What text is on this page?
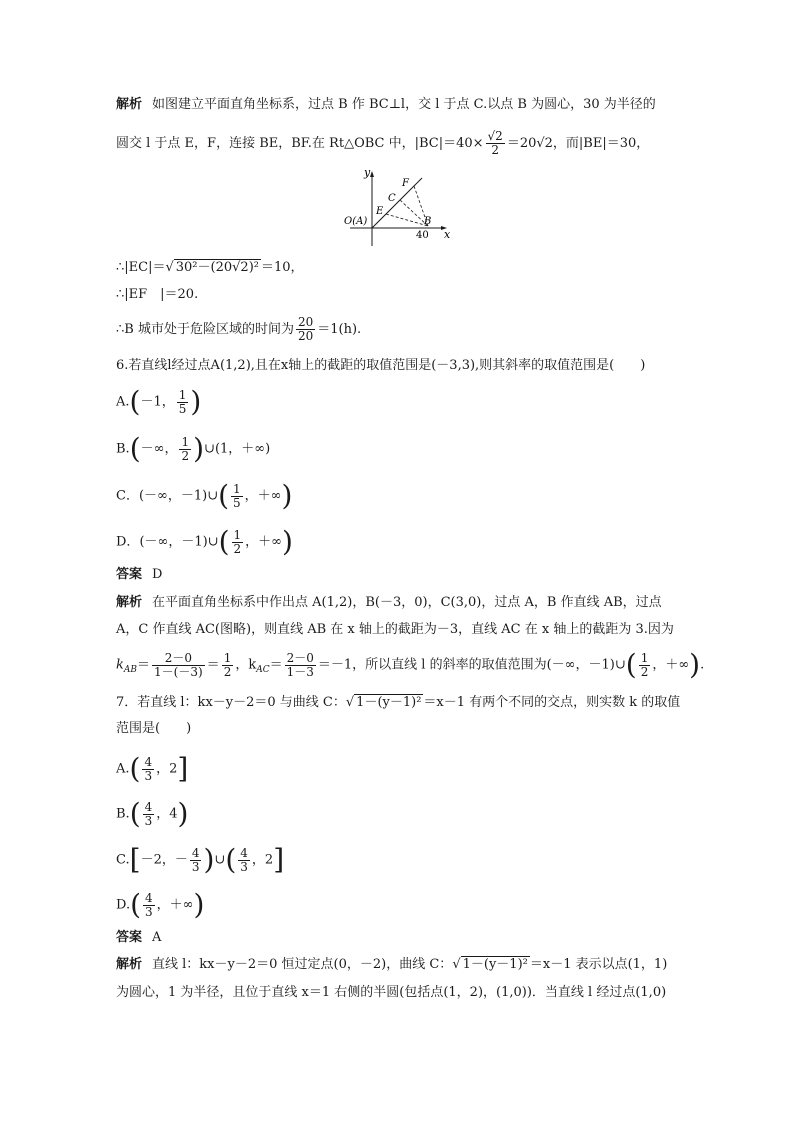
解析 如图建立平面直角坐标系，过点 B 作 BC⊥l，交 l 于点 C.以点 B 为圆心，30 为半径的
圆交 l 于点 E，F，连接 BE，BF.在 Rt△OBC 中，$|BC|=40\times \frac{√2}{2} =20√2$，而|BE|＝30，
y
x
O(A)
E
C
F
B
40
∴|EC|＝√ 30²－(20√2)² ＝10，
∴|EF　|＝20.
∴B 城市处于危险区域的时间为 $\frac{20}{20} =1(h)$.
6.若直线l经过点A(1,2),且在x轴上的截距的取值范围是(－3,3),则其斜率的取值范围是(　　)
A.(－1， $\frac{1}{5}$ )
B.(－∞， $\frac{1}{2}$ )∪(1，＋∞)
C．(－∞，－1)∪( $\frac{1}{5}$ ，＋∞)
D．(－∞，－1)∪( $\frac{1}{2}$ ，＋∞)
答案 D
解析 在平面直角坐标系中作出点 A(1,2)，B(－3，0)，C(3,0)，过点 A，B 作直线 AB，过点
A，C 作直线 AC(图略)，则直线 AB 在 x 轴上的截距为－3，直线 AC 在 x 轴上的截距为 3.因为
$k_{AB}= \frac{2-0}{1-(-3)} = \frac{1}{2}$ ，$k_{AC}= \frac{2-0}{1-3} =-1$，所以直线 l 的斜率的取值范围为(－∞，－1)∪( $\frac{1}{2}$ ，＋∞).
7．若直线 l：kx－y－2＝0 与曲线 C：√ 1－(y－1)² ＝x－1 有两个不同的交点，则实数 k 的取值
范围是(　　)
$A.( \frac{4}{3}$ ，2]
$B.( \frac{4}{3}$ ，4)
C.[－2，－ $\frac{4}{3}$ )∪( $\frac{4}{3}$ ，2]
$D.( \frac{4}{3}$ ，＋∞)
答案 A
解析 直线 l：kx－y－2＝0 恒过定点(0，－2)，曲线 C：√ 1－(y－1)² ＝x－1 表示以点(1，1)
为圆心，1 为半径，且位于直线 x＝1 右侧的半圆(包括点(1，2)，(1,0))．当直线 l 经过点(1,0)
